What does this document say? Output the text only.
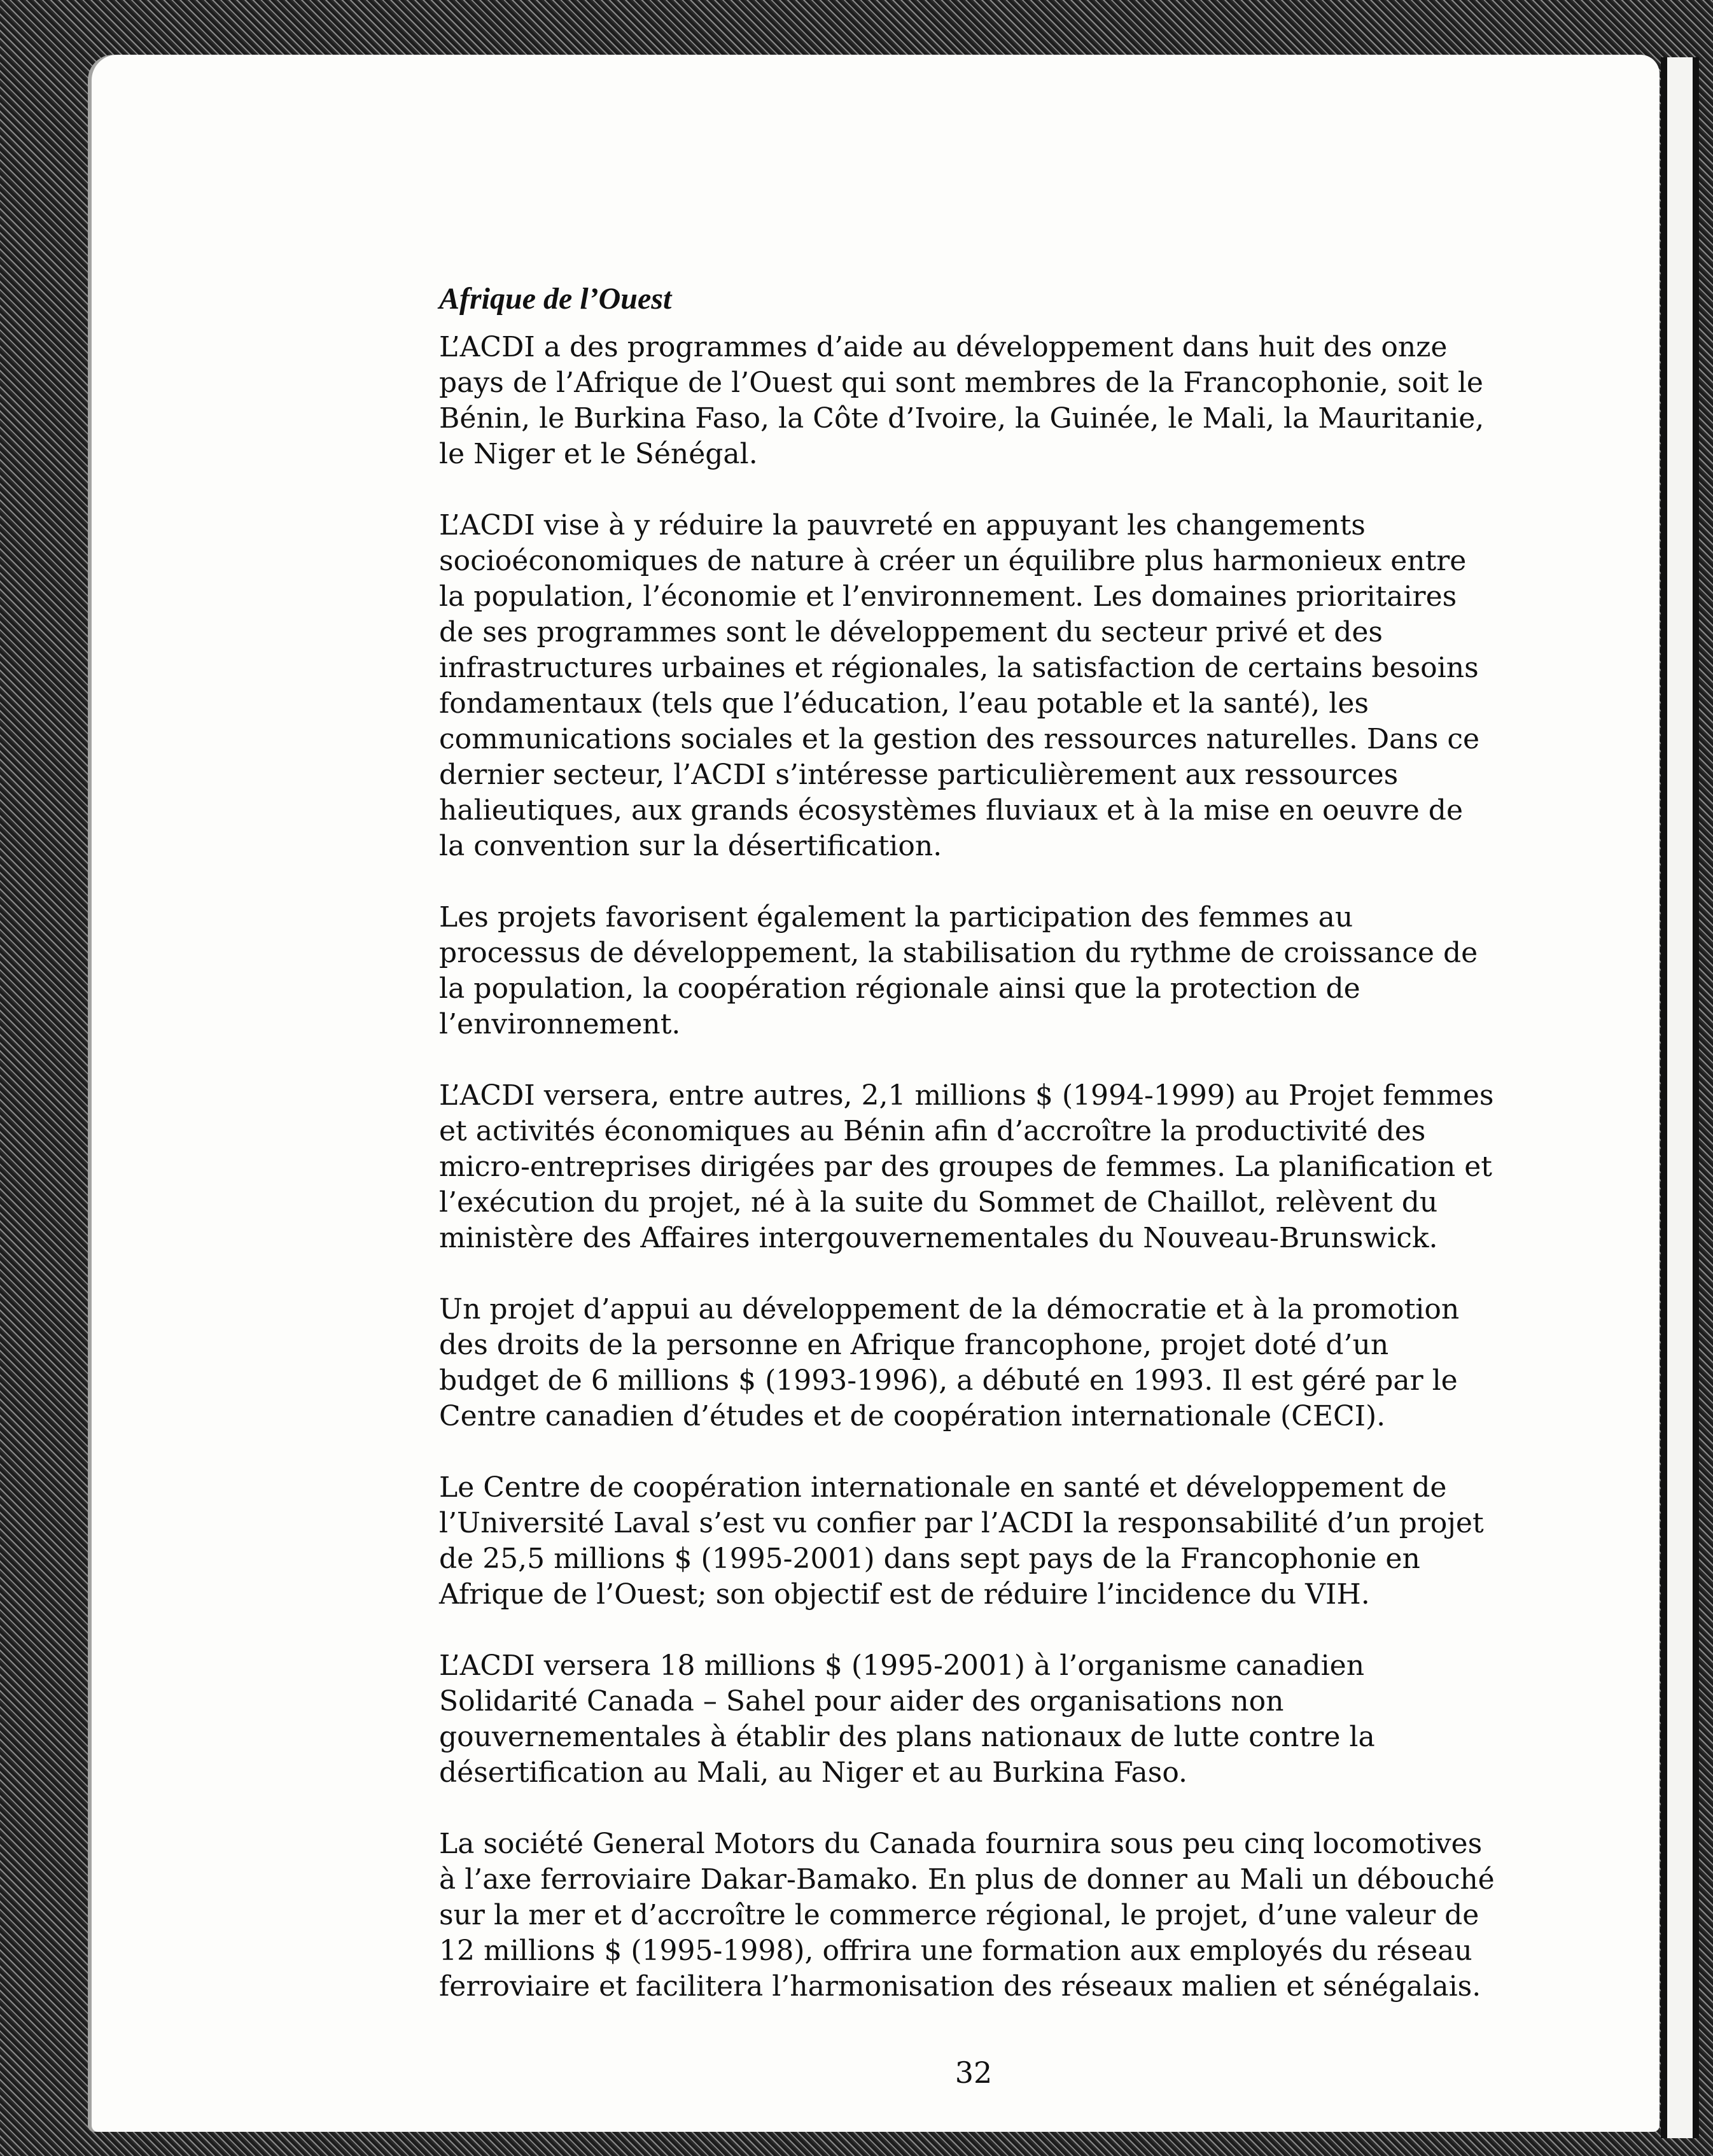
Afrique de l’Ouest

L’ACDI a des programmes d’aide au développement dans huit des onze pays de l’Afrique de l’Ouest qui sont membres de la Francophonie, soit le Bénin, le Burkina Faso, la Côte d’Ivoire, la Guinée, le Mali, la Mauritanie, le Niger et le Sénégal.

L’ACDI vise à y réduire la pauvreté en appuyant les changements socioéconomiques de nature à créer un équilibre plus harmonieux entre la population, l’économie et l’environnement. Les domaines prioritaires de ses programmes sont le développement du secteur privé et des infrastructures urbaines et régionales, la satisfaction de certains besoins fondamentaux (tels que l’éducation, l’eau potable et la santé), les communications sociales et la gestion des ressources naturelles. Dans ce dernier secteur, l’ACDI s’intéresse particulièrement aux ressources halieutiques, aux grands écosystèmes fluviaux et à la mise en oeuvre de la convention sur la désertification.

Les projets favorisent également la participation des femmes au processus de développement, la stabilisation du rythme de croissance de la population, la coopération régionale ainsi que la protection de l’environnement.

L’ACDI versera, entre autres, 2,1 millions $ (1994-1999) au Projet femmes et activités économiques au Bénin afin d’accroître la productivité des micro-entreprises dirigées par des groupes de femmes. La planification et l’exécution du projet, né à la suite du Sommet de Chaillot, relèvent du ministère des Affaires intergouvernementales du Nouveau-Brunswick.

Un projet d’appui au développement de la démocratie et à la promotion des droits de la personne en Afrique francophone, projet doté d’un budget de 6 millions $ (1993-1996), a débuté en 1993. Il est géré par le Centre canadien d’études et de coopération internationale (CECI).

Le Centre de coopération internationale en santé et développement de l’Université Laval s’est vu confier par l’ACDI la responsabilité d’un projet de 25,5 millions $ (1995-2001) dans sept pays de la Francophonie en Afrique de l’Ouest; son objectif est de réduire l’incidence du VIH.

L’ACDI versera 18 millions $ (1995-2001) à l’organisme canadien Solidarité Canada – Sahel pour aider des organisations non gouvernementales à établir des plans nationaux de lutte contre la désertification au Mali, au Niger et au Burkina Faso.

La société General Motors du Canada fournira sous peu cinq locomotives à l’axe ferroviaire Dakar-Bamako. En plus de donner au Mali un débouché sur la mer et d’accroître le commerce régional, le projet, d’une valeur de 12 millions $ (1995-1998), offrira une formation aux employés du réseau ferroviaire et facilitera l’harmonisation des réseaux malien et sénégalais.

32
